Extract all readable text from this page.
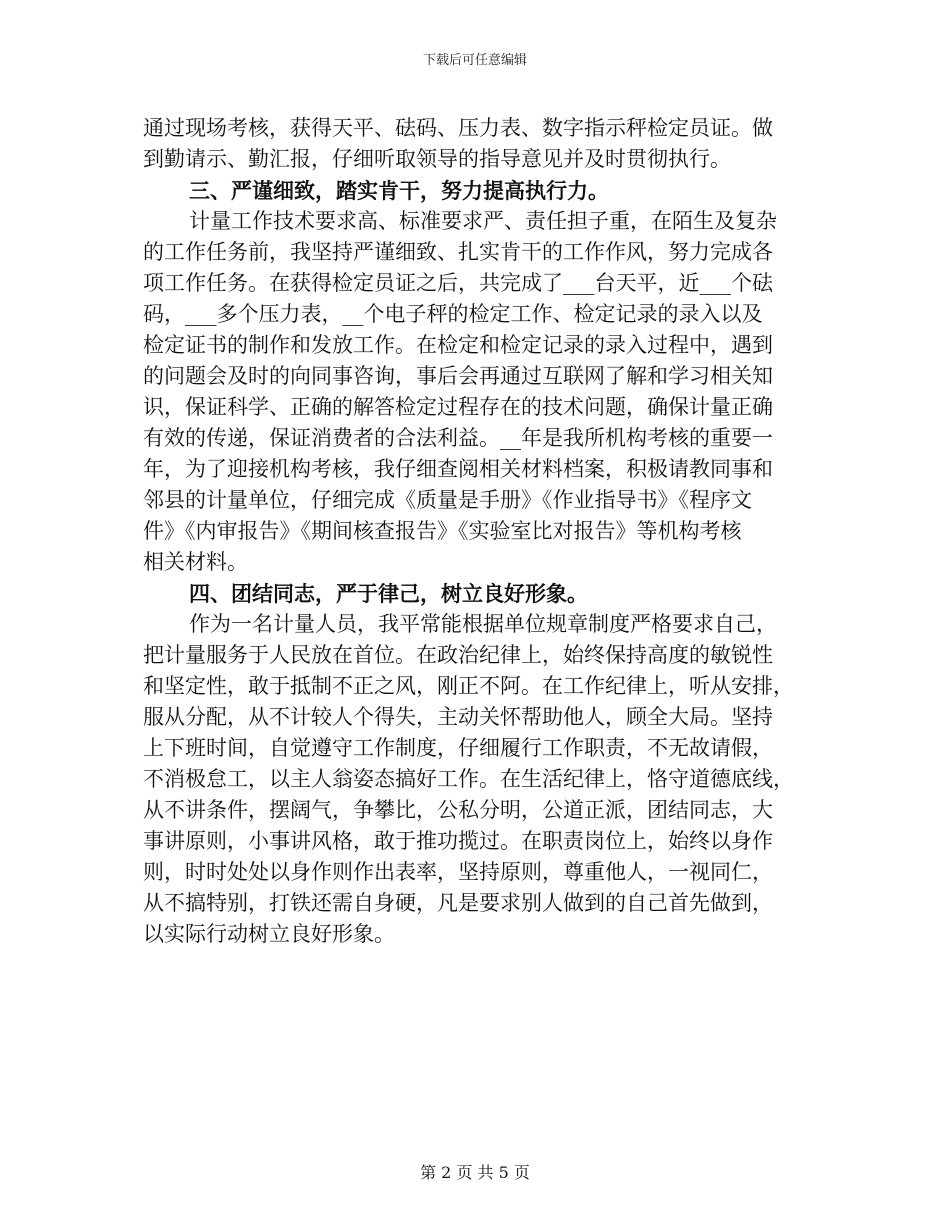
下载后可任意编辑
通过现场考核，获得天平、砝码、压力表、数字指示秤检定员证。做
到勤请示、勤汇报，仔细听取领导的指导意见并及时贯彻执行。
三、严谨细致，踏实肯干，努力提高执行力。
计量工作技术要求高、标准要求严、责任担子重，在陌生及复杂
的工作任务前，我坚持严谨细致、扎实肯干的工作作风，努力完成各
项工作任务。在获得检定员证之后，共完成了___台天平，近___个砝
码，___多个压力表，__个电子秤的检定工作、检定记录的录入以及
检定证书的制作和发放工作。在检定和检定记录的录入过程中，遇到
的问题会及时的向同事咨询，事后会再通过互联网了解和学习相关知
识，保证科学、正确的解答检定过程存在的技术问题，确保计量正确
有效的传递，保证消费者的合法利益。__年是我所机构考核的重要一
年，为了迎接机构考核，我仔细查阅相关材料档案，积极请教同事和
邻县的计量单位，仔细完成《质量是手册》《作业指导书》《程序文
件》《内审报告》《期间核查报告》《实验室比对报告》等机构考核
相关材料。
四、团结同志，严于律己，树立良好形象。
作为一名计量人员，我平常能根据单位规章制度严格要求自己，
把计量服务于人民放在首位。在政治纪律上，始终保持高度的敏锐性
和坚定性，敢于抵制不正之风，刚正不阿。在工作纪律上，听从安排，
服从分配，从不计较人个得失，主动关怀帮助他人，顾全大局。坚持
上下班时间，自觉遵守工作制度，仔细履行工作职责，不无故请假，
不消极怠工，以主人翁姿态搞好工作。在生活纪律上，恪守道德底线，
从不讲条件，摆阔气，争攀比，公私分明，公道正派，团结同志，大
事讲原则，小事讲风格，敢于推功揽过。在职责岗位上，始终以身作
则，时时处处以身作则作出表率，坚持原则，尊重他人，一视同仁，
从不搞特别，打铁还需自身硬，凡是要求别人做到的自己首先做到，
以实际行动树立良好形象。
第 2 页 共 5 页
